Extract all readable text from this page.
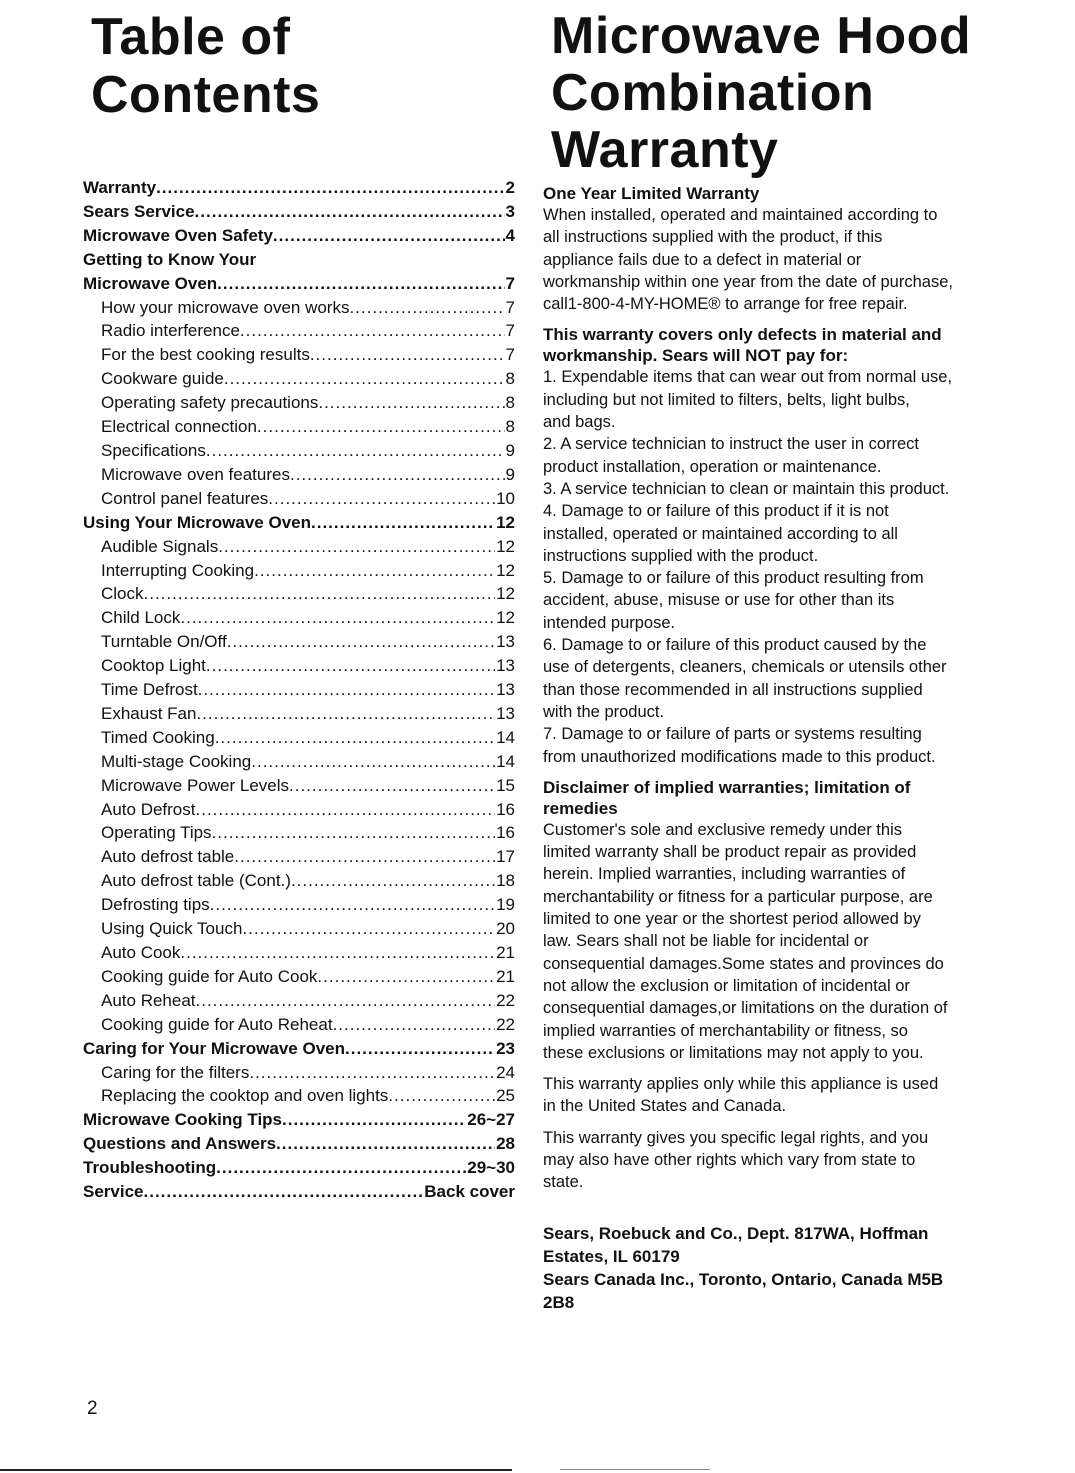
Table of
Contents
Warranty .....	2
Sears Service .....	3
Microwave Oven Safety .....	4
Getting to Know Your
Microwave Oven .....	7
How your microwave oven works .....	7
Radio interference .....	7
For the best cooking results .....	7
Cookware guide .....	8
Operating safety precautions .....	8
Electrical connection .....	8
Specifications .....	9
Microwave oven features .....	9
Control panel features .....	10
Using Your Microwave Oven .....	12
Audible Signals .....	12
Interrupting Cooking .....	12
Clock .....	12
Child Lock .....	12
Turntable On/Off .....	13
Cooktop Light .....	13
Time Defrost .....	13
Exhaust Fan .....	13
Timed Cooking .....	14
Multi-stage Cooking .....	14
Microwave Power Levels .....	15
Auto Defrost .....	16
Operating Tips .....	16
Auto defrost table .....	17
Auto defrost table (Cont.) .....	18
Defrosting tips .....	19
Using Quick Touch .....	20
Auto Cook .....	21
Cooking guide for Auto Cook .....	21
Auto Reheat .....	22
Cooking guide for Auto Reheat .....	22
Caring for Your Microwave Oven .....	23
Caring for the filters .....	24
Replacing the cooktop and oven lights .....	25
Microwave Cooking Tips .....	26~27
Questions and Answers .....	28
Troubleshooting .....	29~30
Service .....	Back cover
Microwave Hood
Combination
Warranty

One Year Limited Warranty

When installed, operated and maintained according to

all instructions supplied with the product, if this

appliance fails due to a defect in material or

workmanship within one year from the date of purchase,

call1-800-4-MY-HOME® to arrange for free repair.

This warranty covers only defects in material and

workmanship. Sears will NOT pay for:

1. Expendable items that can wear out from normal use,

including but not limited to filters, belts, light bulbs,

and bags.

2. A service technician to instruct the user in correct

product installation, operation or maintenance.

3. A service technician to clean or maintain this product.

4. Damage to or failure of this product if it is not

installed, operated or maintained according to all

instructions supplied with the product.

5. Damage to or failure of this product resulting from

accident, abuse, misuse or use for other than its

intended purpose.

6. Damage to or failure of this product caused by the

use of detergents, cleaners, chemicals or utensils other

than those recommended in all instructions supplied

with the product.

7. Damage to or failure of parts or systems resulting

from unauthorized modifications made to this product.

Disclaimer of implied warranties; limitation of

remedies

Customer's sole and exclusive remedy under this

limited warranty shall be product repair as provided

herein. Implied warranties, including warranties of

merchantability or fitness for a particular purpose, are

limited to one year or the shortest period allowed by

law. Sears shall not be liable for incidental or

consequential damages.Some states and provinces do

not allow the exclusion or limitation of incidental or

consequential damages,or limitations on the duration of

implied warranties of merchantability or fitness, so

these exclusions or limitations may not apply to you.

This warranty applies only while this appliance is used

in the United States and Canada.

This warranty gives you specific legal rights, and you

may also have other rights which vary from state to

state.

Sears, Roebuck and Co., Dept. 817WA, Hoffman

Estates, IL 60179

Sears Canada Inc., Toronto, Ontario, Canada M5B

2B8

2
